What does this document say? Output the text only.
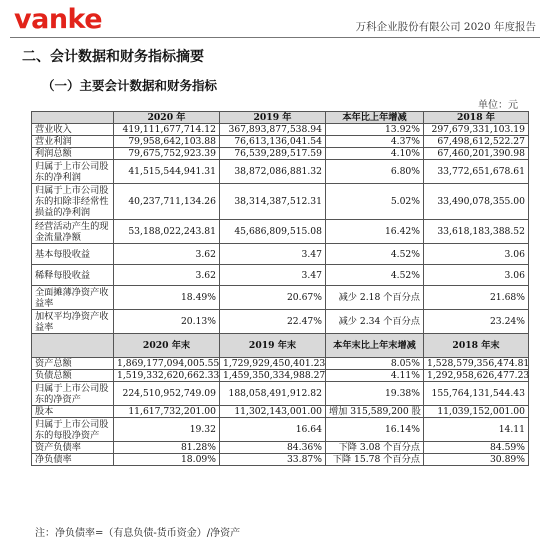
vanke	万科企业股份有限公司 2020 年度报告
二、会计数据和财务指标摘要
（一）主要会计数据和财务指标
单位：元
	2020 年	2019 年	本年比上年增减	2018 年
营业收入	419,111,677,714.12	367,893,877,538.94	13.92%	297,679,331,103.19
营业利润	79,958,642,103.88	76,613,136,041.54	4.37%	67,498,612,522.27
利润总额	79,675,752,923.39	76,539,289,517.59	4.10%	67,460,201,390.98
归属于上市公司股东的净利润	41,515,544,941.31	38,872,086,881.32	6.80%	33,772,651,678.61
归属于上市公司股东的扣除非经常性损益的净利润	40,237,711,134.26	38,314,387,512.31	5.02%	33,490,078,355.00
经营活动产生的现金流量净额	53,188,022,243.81	45,686,809,515.08	16.42%	33,618,183,388.52
基本每股收益	3.62	3.47	4.52%	3.06
稀释每股收益	3.62	3.47	4.52%	3.06
全面摊薄净资产收益率	18.49%	20.67%	减少 2.18 个百分点	21.68%
加权平均净资产收益率	20.13%	22.47%	减少 2.34 个百分点	23.24%
	2020 年末	2019 年末	本年末比上年末增减	2018 年末
资产总额	1,869,177,094,005.55	1,729,929,450,401.23	8.05%	1,528,579,356,474.81
负债总额	1,519,332,620,662.33	1,459,350,334,988.27	4.11%	1,292,958,626,477.23
归属于上市公司股东的净资产	224,510,952,749.09	188,058,491,912.82	19.38%	155,764,131,544.43
股本	11,617,732,201.00	11,302,143,001.00	增加 315,589,200 股	11,039,152,001.00
归属于上市公司股东的每股净资产	19.32	16.64	16.14%	14.11
资产负债率	81.28%	84.36%	下降 3.08 个百分点	84.59%
净负债率	18.09%	33.87%	下降 15.78 个百分点	30.89%
注：净负债率=（有息负债-货币资金）/净资产
